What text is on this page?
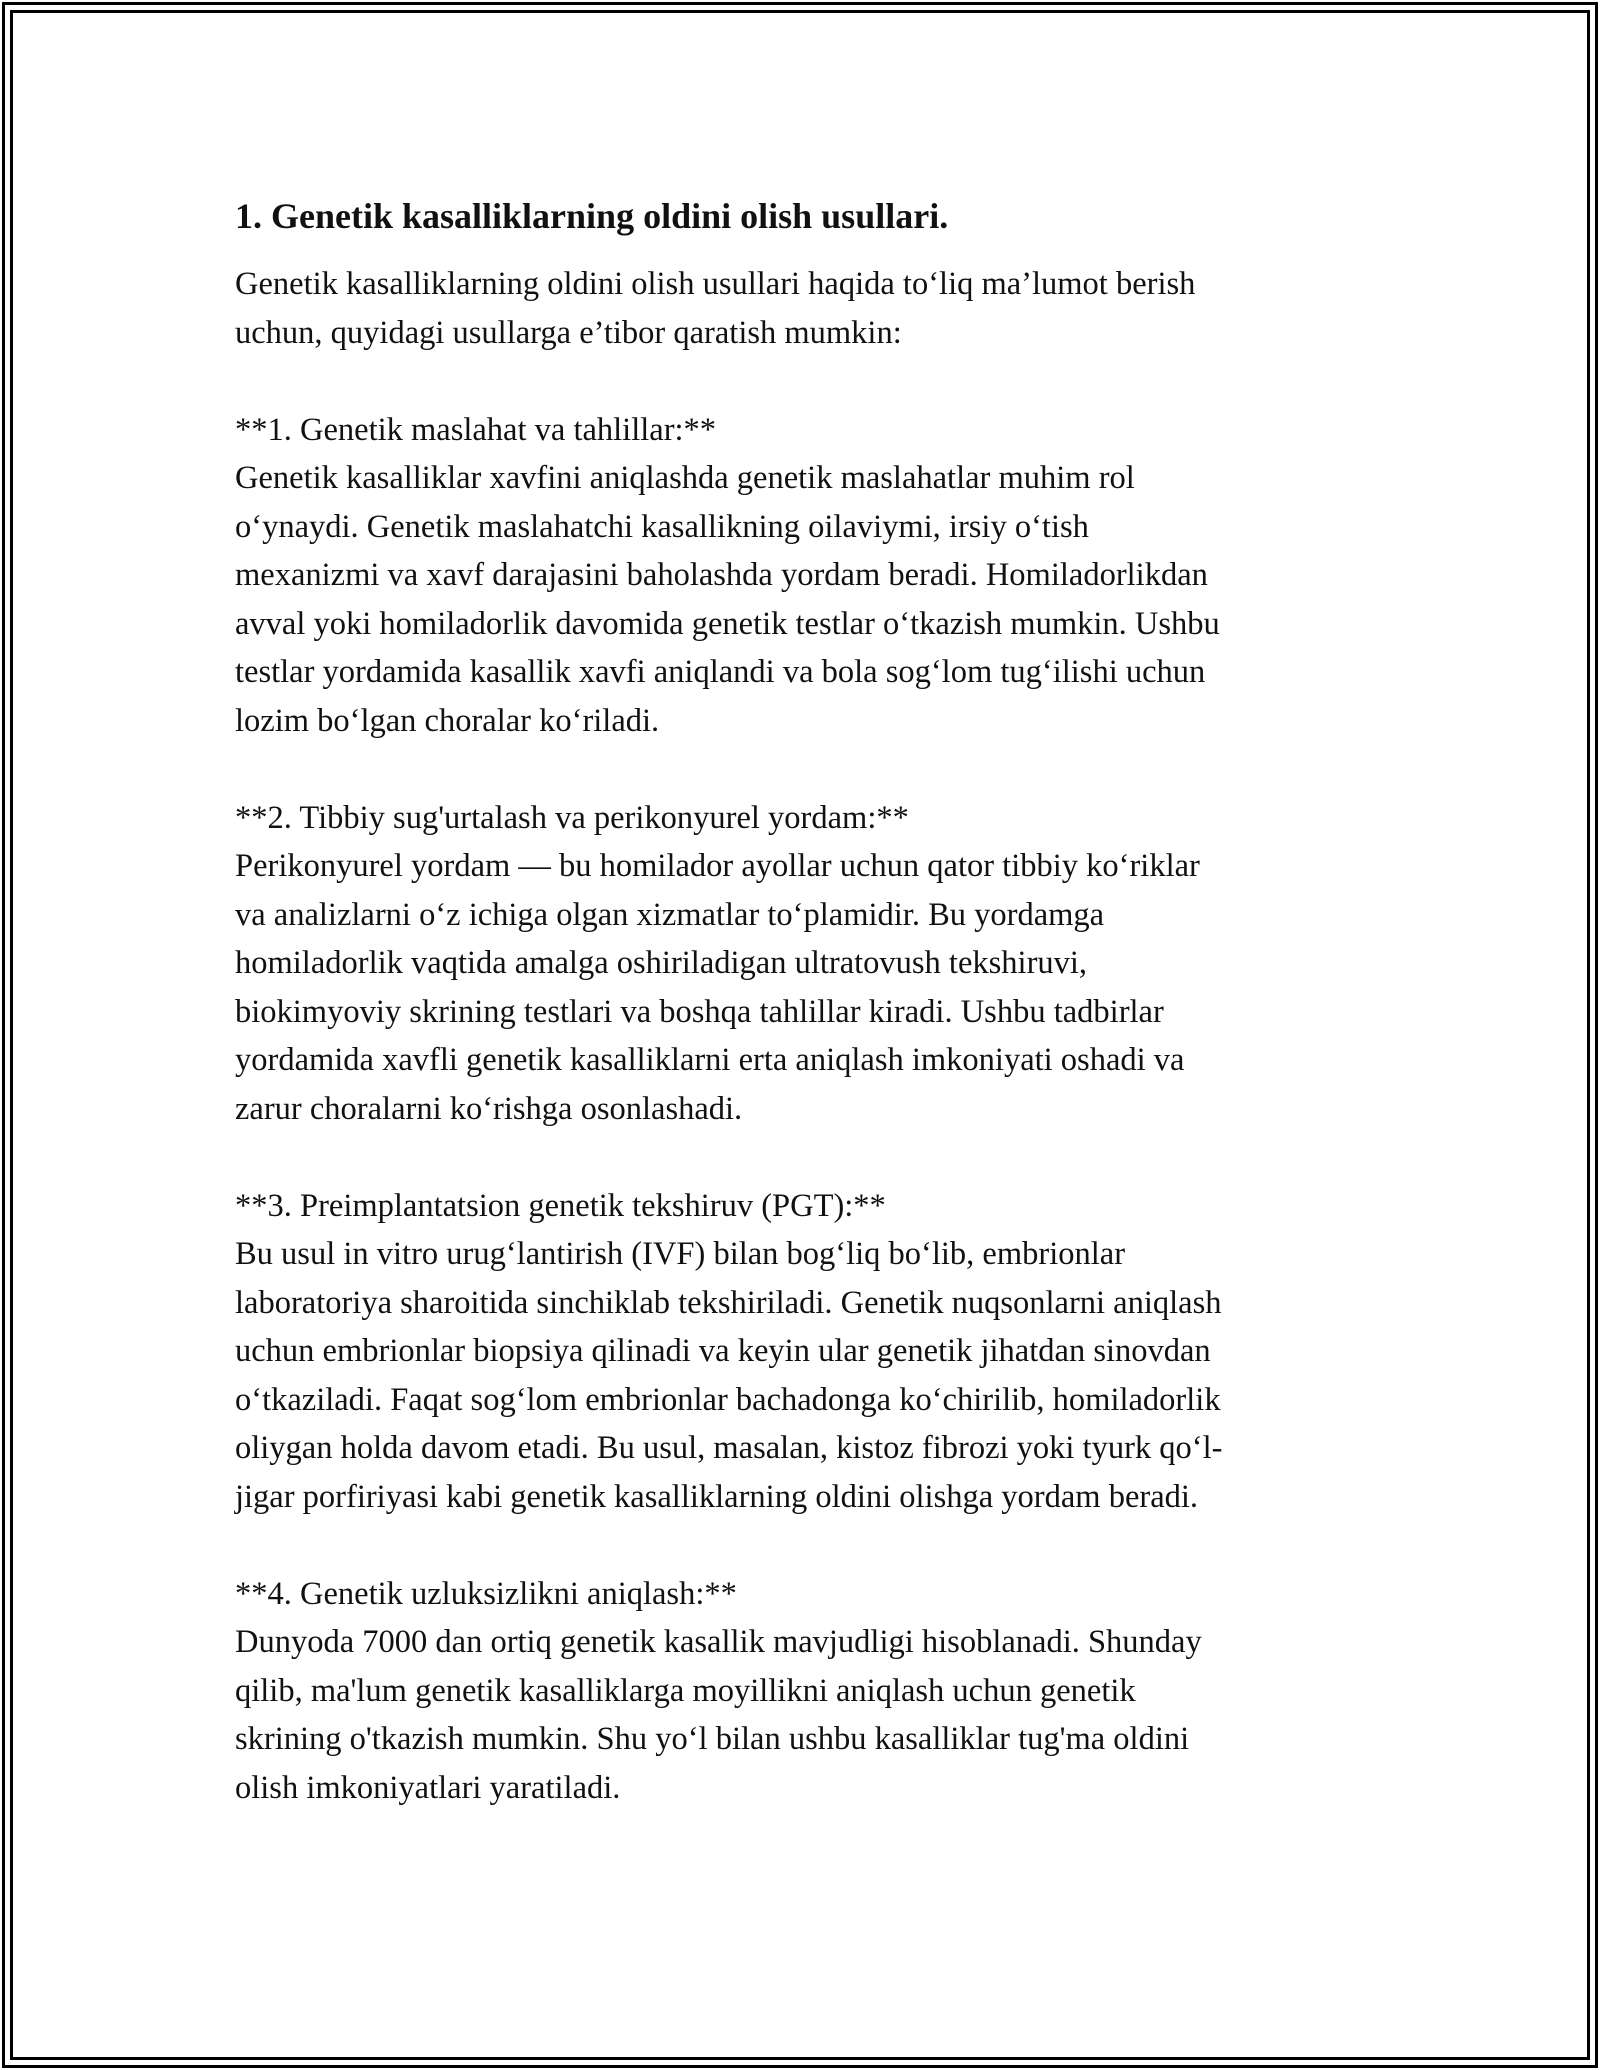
1. Genetik kasalliklarning oldini olish usullari.

Genetik kasalliklarning oldini olish usullari haqida to‘liq ma’lumot berish
uchun, quyidagi usullarga e’tibor qaratish mumkin:

**1. Genetik maslahat va tahlillar:**
Genetik kasalliklar xavfini aniqlashda genetik maslahatlar muhim rol
o‘ynaydi. Genetik maslahatchi kasallikning oilaviymi, irsiy o‘tish
mexanizmi va xavf darajasini baholashda yordam beradi. Homiladorlikdan
avval yoki homiladorlik davomida genetik testlar o‘tkazish mumkin. Ushbu
testlar yordamida kasallik xavfi aniqlandi va bola sog‘lom tug‘ilishi uchun
lozim bo‘lgan choralar ko‘riladi.

**2. Tibbiy sug'urtalash va perikonyurel yordam:**
Perikonyurel yordam — bu homilador ayollar uchun qator tibbiy ko‘riklar
va analizlarni o‘z ichiga olgan xizmatlar to‘plamidir. Bu yordamga
homiladorlik vaqtida amalga oshiriladigan ultratovush tekshiruvi,
biokimyoviy skrining testlari va boshqa tahlillar kiradi. Ushbu tadbirlar
yordamida xavfli genetik kasalliklarni erta aniqlash imkoniyati oshadi va
zarur choralarni ko‘rishga osonlashadi.

**3. Preimplantatsion genetik tekshiruv (PGT):**
Bu usul in vitro urug‘lantirish (IVF) bilan bog‘liq bo‘lib, embrionlar
laboratoriya sharoitida sinchiklab tekshiriladi. Genetik nuqsonlarni aniqlash
uchun embrionlar biopsiya qilinadi va keyin ular genetik jihatdan sinovdan
o‘tkaziladi. Faqat sog‘lom embrionlar bachadonga ko‘chirilib, homiladorlik
oliygan holda davom etadi. Bu usul, masalan, kistoz fibrozi yoki tyurk qo‘l-
jigar porfiriyasi kabi genetik kasalliklarning oldini olishga yordam beradi.

**4. Genetik uzluksizlikni aniqlash:**
Dunyoda 7000 dan ortiq genetik kasallik mavjudligi hisoblanadi. Shunday
qilib, ma'lum genetik kasalliklarga moyillikni aniqlash uchun genetik
skrining o'tkazish mumkin. Shu yo‘l bilan ushbu kasalliklar tug'ma oldini
olish imkoniyatlari yaratiladi.
